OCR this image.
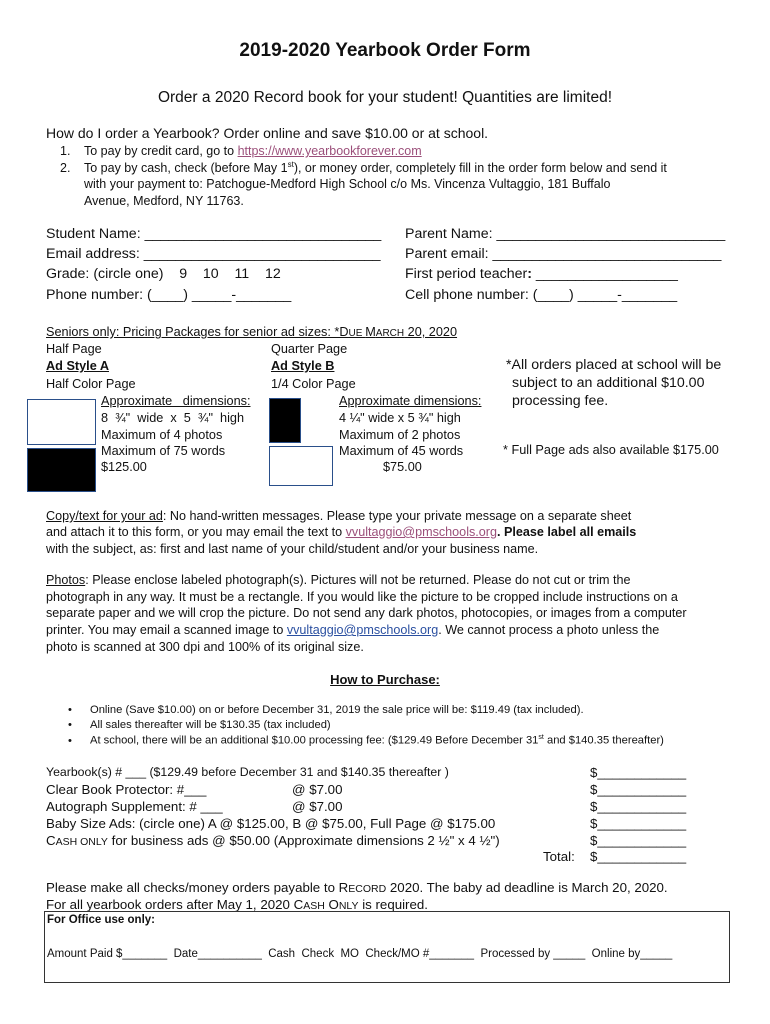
2019-2020 Yearbook Order Form
Order a 2020 Record book for your student! Quantities are limited!
How do I order a Yearbook? Order online and save $10.00 or at school.
1. To pay by credit card, go to https://www.yearbookforever.com
2. To pay by cash, check (before May 1st), or money order, completely fill in the order form below and send it
with your payment to: Patchogue-Medford High School c/o Ms. Vincenza Vultaggio, 181 Buffalo
Avenue, Medford, NY 11763.
Student Name: ______________________________
Email address: ______________________________
Grade: (circle one)    9    10    11    12
Phone number: (____) _____-_______
Parent Name: _____________________________
Parent email: _____________________________
First period teacher: __________________
Cell phone number: (____) _____-_______
Seniors only: Pricing Packages for senior ad sizes: *DUE MARCH 20, 2020
Half Page
Ad Style A
Half Color Page
Approximate   dimensions:
8  ¾"  wide  x  5  ¾"  high
Maximum of 4 photos
Maximum of 75 words
$125.00
Quarter Page
Ad Style B
1/4 Color Page
Approximate dimensions:
4 ¼" wide x 5 ¾" high
Maximum of 2 photos
Maximum of 45 words
$75.00
*All orders placed at school will be
subject to an additional $10.00
processing fee.
* Full Page ads also available $175.00
Copy/text for your ad: No hand-written messages. Please type your private message on a separate sheet
and attach it to this form, or you may email the text to vvultaggio@pmschools.org. Please label all emails
with the subject, as: first and last name of your child/student and/or your business name.
Photos: Please enclose labeled photograph(s). Pictures will not be returned. Please do not cut or trim the
photograph in any way. It must be a rectangle. If you would like the picture to be cropped include instructions on a
separate paper and we will crop the picture. Do not send any dark photos, photocopies, or images from a computer
printer. You may email a scanned image to vvultaggio@pmschools.org. We cannot process a photo unless the
photo is scanned at 300 dpi and 100% of its original size.
How to Purchase:
• Online (Save $10.00) on or before December 31, 2019 the sale price will be: $119.49 (tax included).
• All sales thereafter will be $130.35 (tax included)
• At school, there will be an additional $10.00 processing fee: ($129.49 Before December 31st and $140.35 thereafter)
Yearbook(s) # ___ ($129.49 before December 31 and $140.35 thereafter )
Clear Book Protector: #___	@ $7.00
Autograph Supplement: # ___	@ $7.00
Baby Size Ads: (circle one) A @ $125.00, B @ $75.00, Full Page @ $175.00
CASH ONLY for business ads @ $50.00 (Approximate dimensions 2 ½" x 4 ½")
Total:
$____________
$____________
$____________
$____________
$____________
$____________
Please make all checks/money orders payable to RECORD 2020. The baby ad deadline is March 20, 2020.
For all yearbook orders after May 1, 2020 CASH ONLY is required.
For Office use only:
Amount Paid $_______  Date__________  Cash  Check  MO  Check/MO #_______  Processed by _____  Online by_____
